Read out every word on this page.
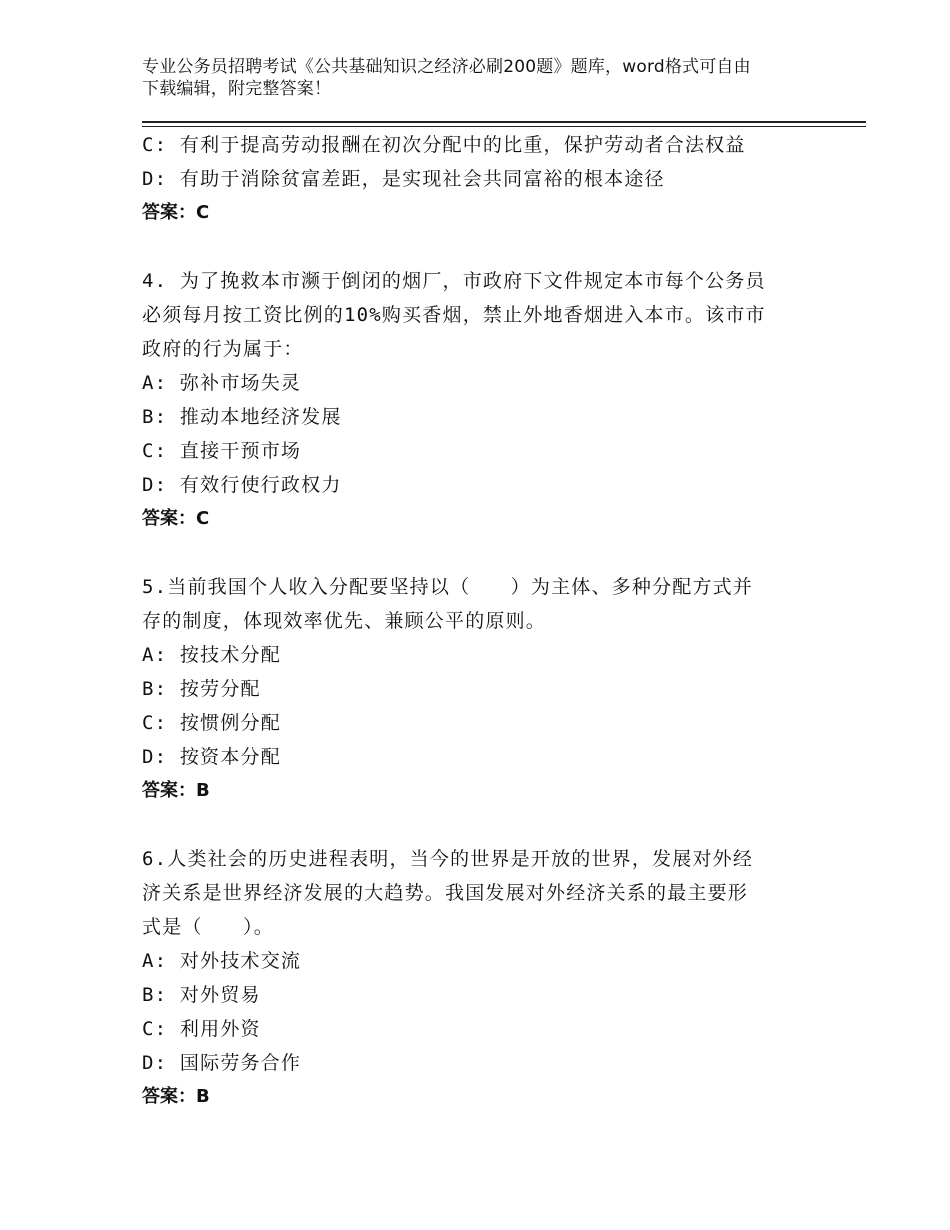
专业公务员招聘考试《公共基础知识之经济必刷200题》题库，word格式可自由
下载编辑，附完整答案！
C: 有利于提高劳动报酬在初次分配中的比重，保护劳动者合法权益
D: 有助于消除贫富差距，是实现社会共同富裕的根本途径
答案：C
4. 为了挽救本市濒于倒闭的烟厂，市政府下文件规定本市每个公务员
必须每月按工资比例的10%购买香烟，禁止外地香烟进入本市。该市市
政府的行为属于：
A: 弥补市场失灵
B: 推动本地经济发展
C: 直接干预市场
D: 有效行使行政权力
答案：C
5.当前我国个人收入分配要坚持以（　　）为主体、多种分配方式并
存的制度，体现效率优先、兼顾公平的原则。
A: 按技术分配
B: 按劳分配
C: 按惯例分配
D: 按资本分配
答案：B
6.人类社会的历史进程表明，当今的世界是开放的世界，发展对外经
济关系是世界经济发展的大趋势。我国发展对外经济关系的最主要形
式是（　　）。
A: 对外技术交流
B: 对外贸易
C: 利用外资
D: 国际劳务合作
答案：B
